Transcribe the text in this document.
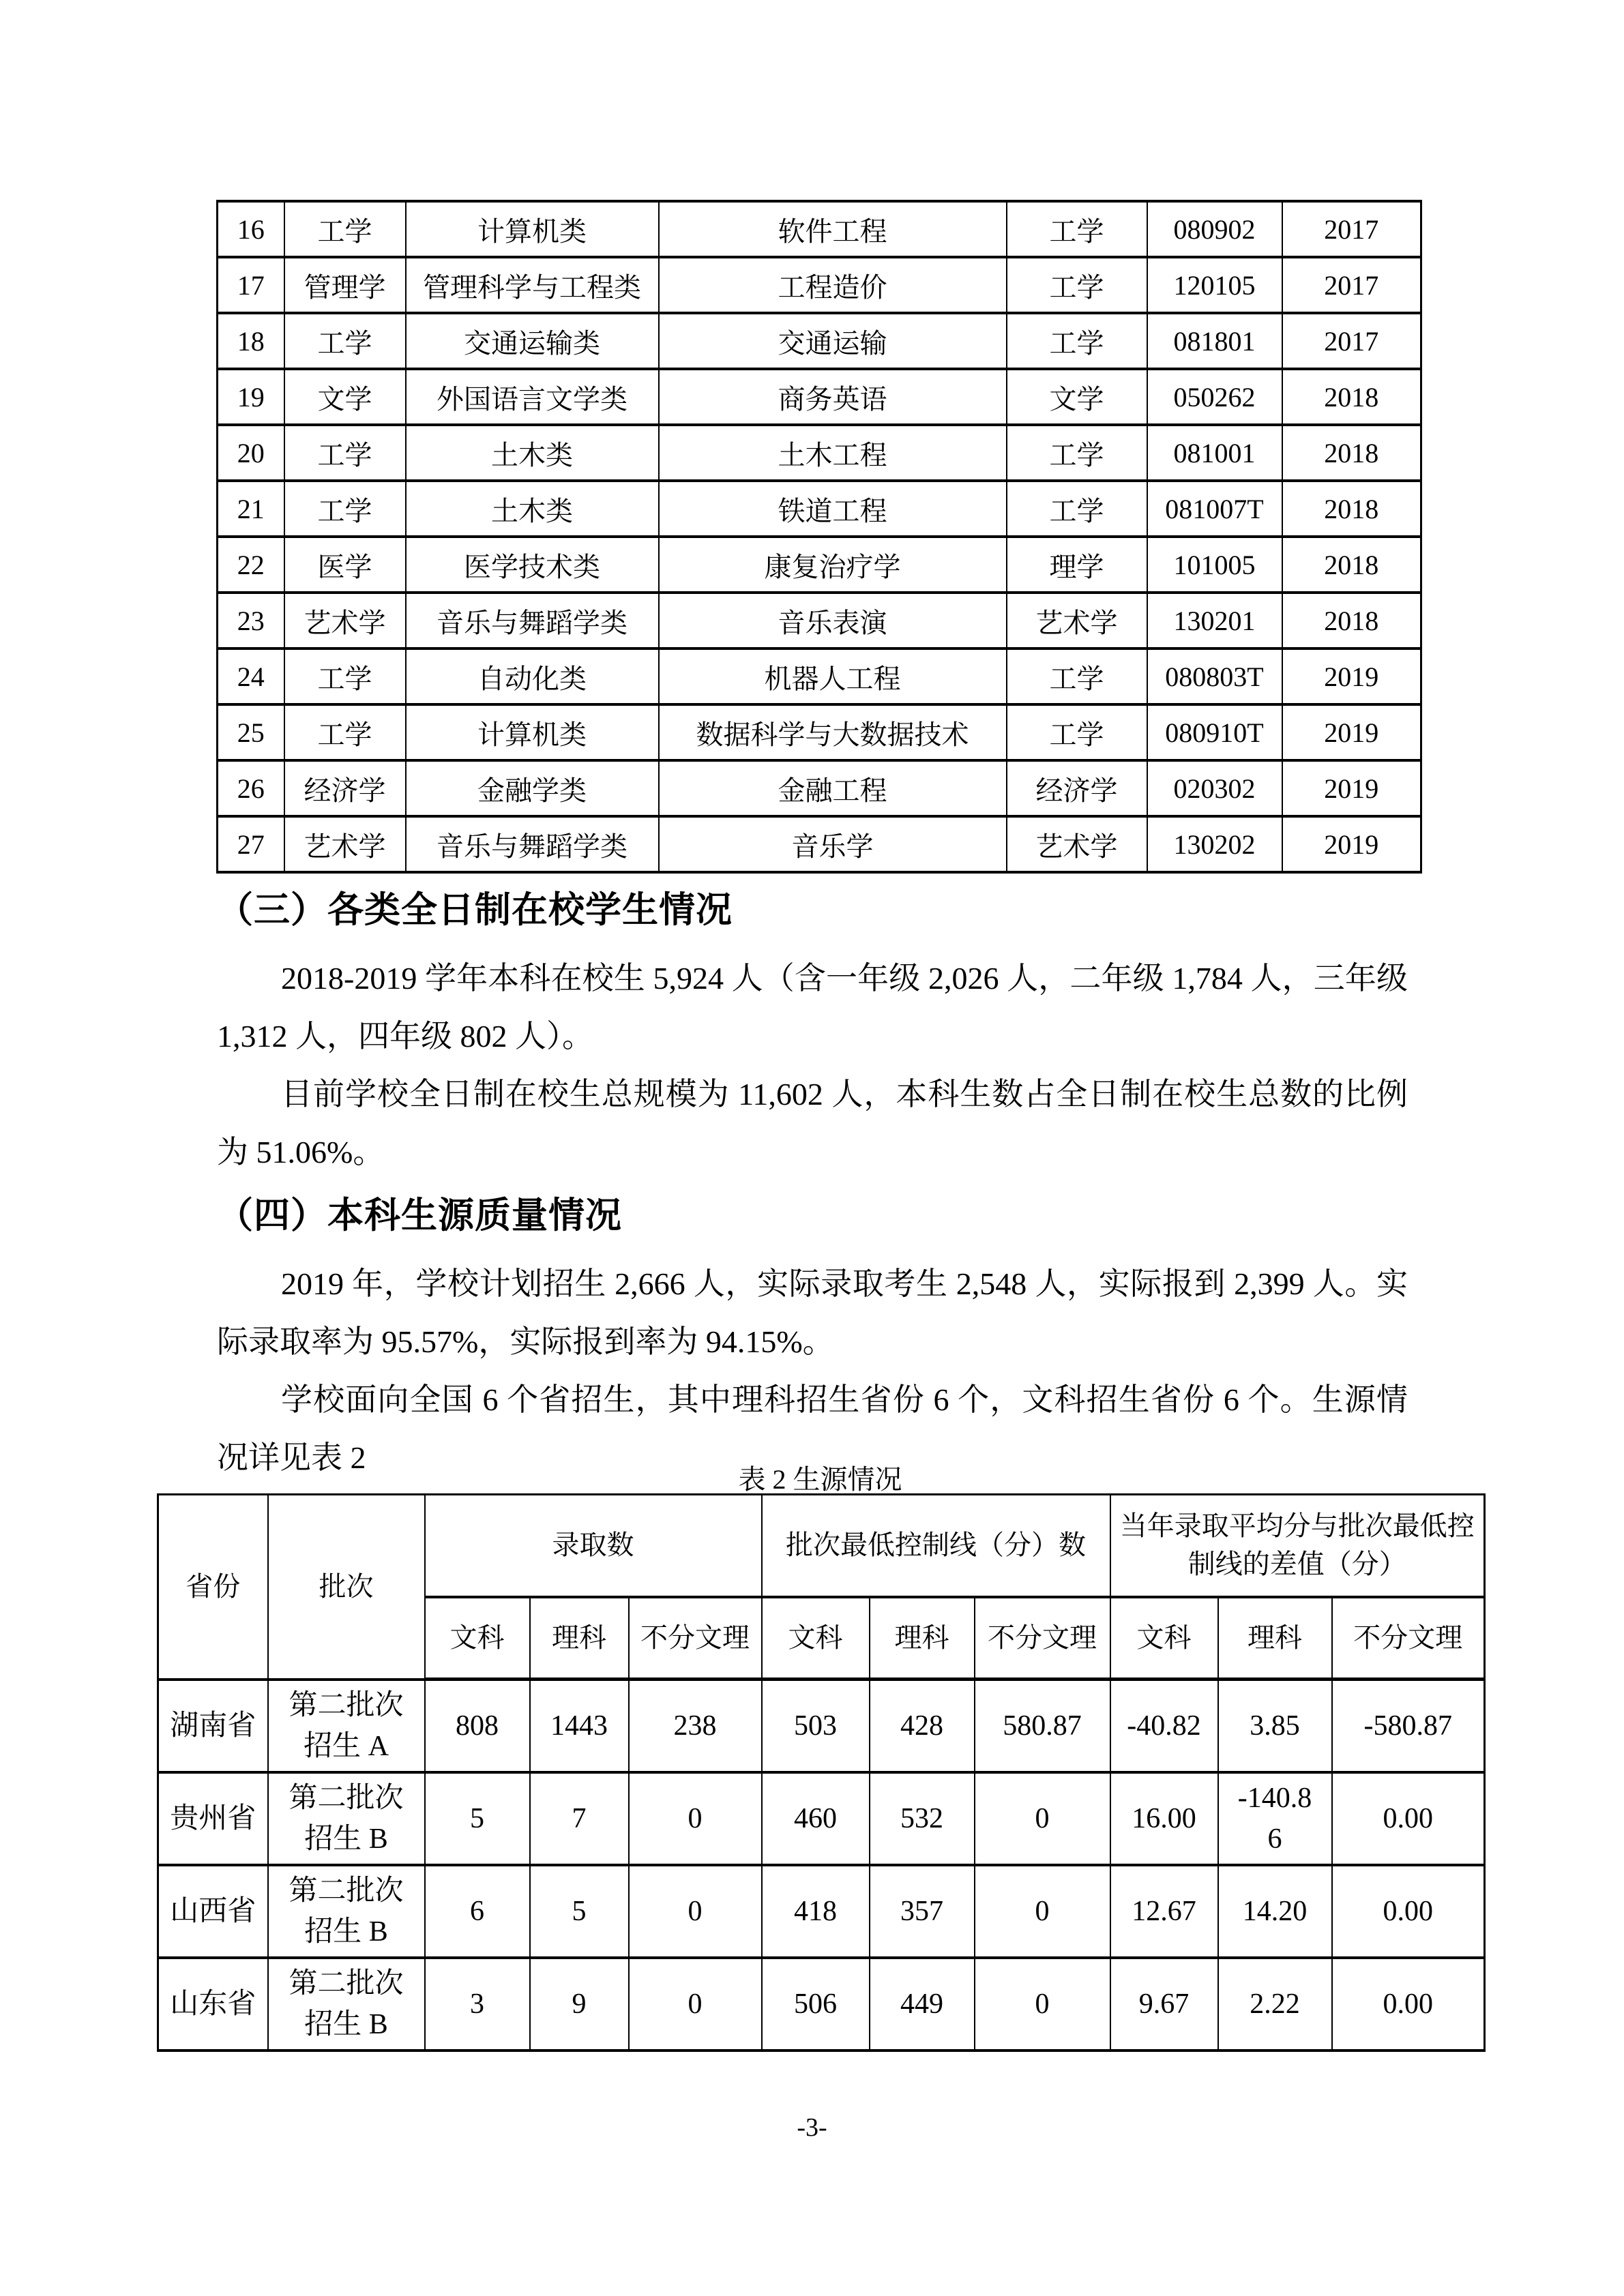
16	工学	计算机类	软件工程	工学	080902	2017
17	管理学	管理科学与工程类	工程造价	工学	120105	2017
18	工学	交通运输类	交通运输	工学	081801	2017
19	文学	外国语言文学类	商务英语	文学	050262	2018
20	工学	土木类	土木工程	工学	081001	2018
21	工学	土木类	铁道工程	工学	081007T	2018
22	医学	医学技术类	康复治疗学	理学	101005	2018
23	艺术学	音乐与舞蹈学类	音乐表演	艺术学	130201	2018
24	工学	自动化类	机器人工程	工学	080803T	2019
25	工学	计算机类	数据科学与大数据技术	工学	080910T	2019
26	经济学	金融学类	金融工程	经济学	020302	2019
27	艺术学	音乐与舞蹈学类	音乐学	艺术学	130202	2019
（三）各类全日制在校学生情况

2018-2019 学年本科在校生 5,924 人（含一年级 2,026 人，二年级 1,784 人，三年级 1,312 人，四年级 802 人）。

目前学校全日制在校生总规模为 11,602 人，本科生数占全日制在校生总数的比例为 51.06%。

（四）本科生源质量情况

2019 年，学校计划招生 2,666 人，实际录取考生 2,548 人，实际报到 2,399 人。实际录取率为 95.57%，实际报到率为 94.15%。

学校面向全国 6 个省招生，其中理科招生省份 6 个，文科招生省份 6 个。生源情况详见表 2

表 2 生源情况
省份	批次	录取数			批次最低控制线（分）数			当年录取平均分与批次最低控制线的差值（分）		
		文科	理科	不分文理	文科	理科	不分文理	文科	理科	不分文理
湖南省	第二批次招生 A	808	1443	238	503	428	580.87	-40.82	3.85	-580.87
贵州省	第二批次招生 B	5	7	0	460	532	0	16.00	-140.86	0.00
山西省	第二批次招生 B	6	5	0	418	357	0	12.67	14.20	0.00
山东省	第二批次招生 B	3	9	0	506	449	0	9.67	2.22	0.00
-3-
